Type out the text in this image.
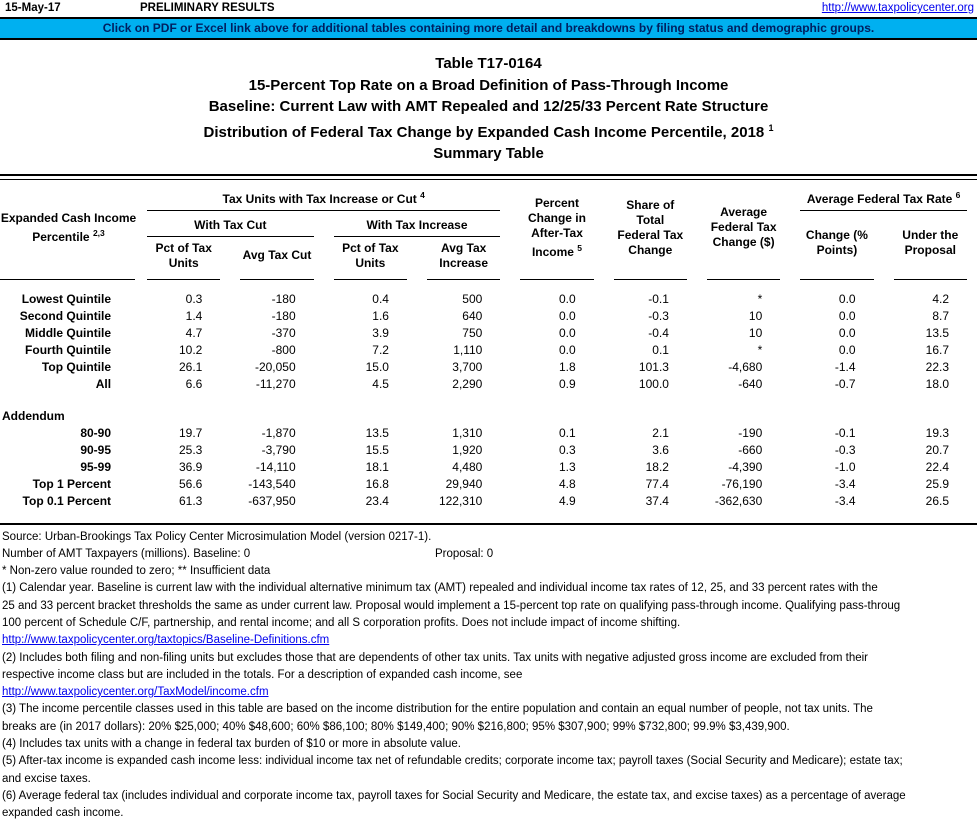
15-May-17	PRELIMINARY RESULTS	http://www.taxpolicycenter.org
Click on PDF or Excel link above for additional tables containing more detail and breakdowns by filing status and demographic groups.
Table T17-0164
15-Percent Top Rate on a Broad Definition of Pass-Through Income
Baseline: Current Law with AMT Repealed and 12/25/33 Percent Rate Structure
Distribution of Federal Tax Change by Expanded Cash Income Percentile, 2018 $^1$
Summary Table
Expanded Cash Income Percentile $^{2,3}$	Tax Units with Tax Increase or Cut $^4$				Percent Change in After-Tax Income $^5$	Share of Total Federal Tax Change	Average Federal Tax Change ($)	Average Federal Tax Rate $^6$

	With Tax Cut		With Tax Increase					Change (% Points)	Under the Proposal
	Pct of Tax Units	Avg Tax Cut	Pct of Tax Units	Avg Tax Increase					

Lowest Quintile	0.3	-180	0.4	500	0.0	-0.1	*	0.0	4.2
Second Quintile	1.4	-180	1.6	640	0.0	-0.3	10	0.0	8.7
Middle Quintile	4.7	-370	3.9	750	0.0	-0.4	10	0.0	13.5
Fourth Quintile	10.2	-800	7.2	1,110	0.0	0.1	*	0.0	16.7
Top Quintile	26.1	-20,050	15.0	3,700	1.8	101.3	-4,680	-1.4	22.3
All	6.6	-11,270	4.5	2,290	0.9	100.0	-640	-0.7	18.0

Addendum									
80-90	19.7	-1,870	13.5	1,310	0.1	2.1	-190	-0.1	19.3
90-95	25.3	-3,790	15.5	1,920	0.3	3.6	-660	-0.3	20.7
95-99	36.9	-14,110	18.1	4,480	1.3	18.2	-4,390	-1.0	22.4
Top 1 Percent	56.6	-143,540	16.8	29,940	4.8	77.4	-76,190	-3.4	25.9
Top 0.1 Percent	61.3	-637,950	23.4	122,310	4.9	37.4	-362,630	-3.4	26.5
Source: Urban-Brookings Tax Policy Center Microsimulation Model (version 0217-1).
Number of AMT Taxpayers (millions). Baseline: 0	Proposal: 0
* Non-zero value rounded to zero; ** Insufficient data
(1) Calendar year. Baseline is current law with the individual alternative minimum tax (AMT) repealed and individual income tax rates of 12, 25, and 33 percent rates with the
25 and 33 percent bracket thresholds the same as under current law. Proposal would implement a 15-percent top rate on qualifying pass-through income. Qualifying pass-throug
100 percent of Schedule C/F, partnership, and rental income; and all S corporation profits. Does not include impact of income shifting.
http://www.taxpolicycenter.org/taxtopics/Baseline-Definitions.cfm
(2) Includes both filing and non-filing units but excludes those that are dependents of other tax units. Tax units with negative adjusted gross income are excluded from their
respective income class but are included in the totals. For a description of expanded cash income, see
http://www.taxpolicycenter.org/TaxModel/income.cfm
(3) The income percentile classes used in this table are based on the income distribution for the entire population and contain an equal number of people, not tax units. The
breaks are (in 2017 dollars): 20% $25,000; 40% $48,600; 60% $86,100; 80% $149,400; 90% $216,800; 95% $307,900; 99% $732,800; 99.9% $3,439,900.
(4) Includes tax units with a change in federal tax burden of $10 or more in absolute value.
(5) After-tax income is expanded cash income less: individual income tax net of refundable credits; corporate income tax; payroll taxes (Social Security and Medicare); estate tax;
and excise taxes.
(6) Average federal tax (includes individual and corporate income tax, payroll taxes for Social Security and Medicare, the estate tax, and excise taxes) as a percentage of average
expanded cash income.
